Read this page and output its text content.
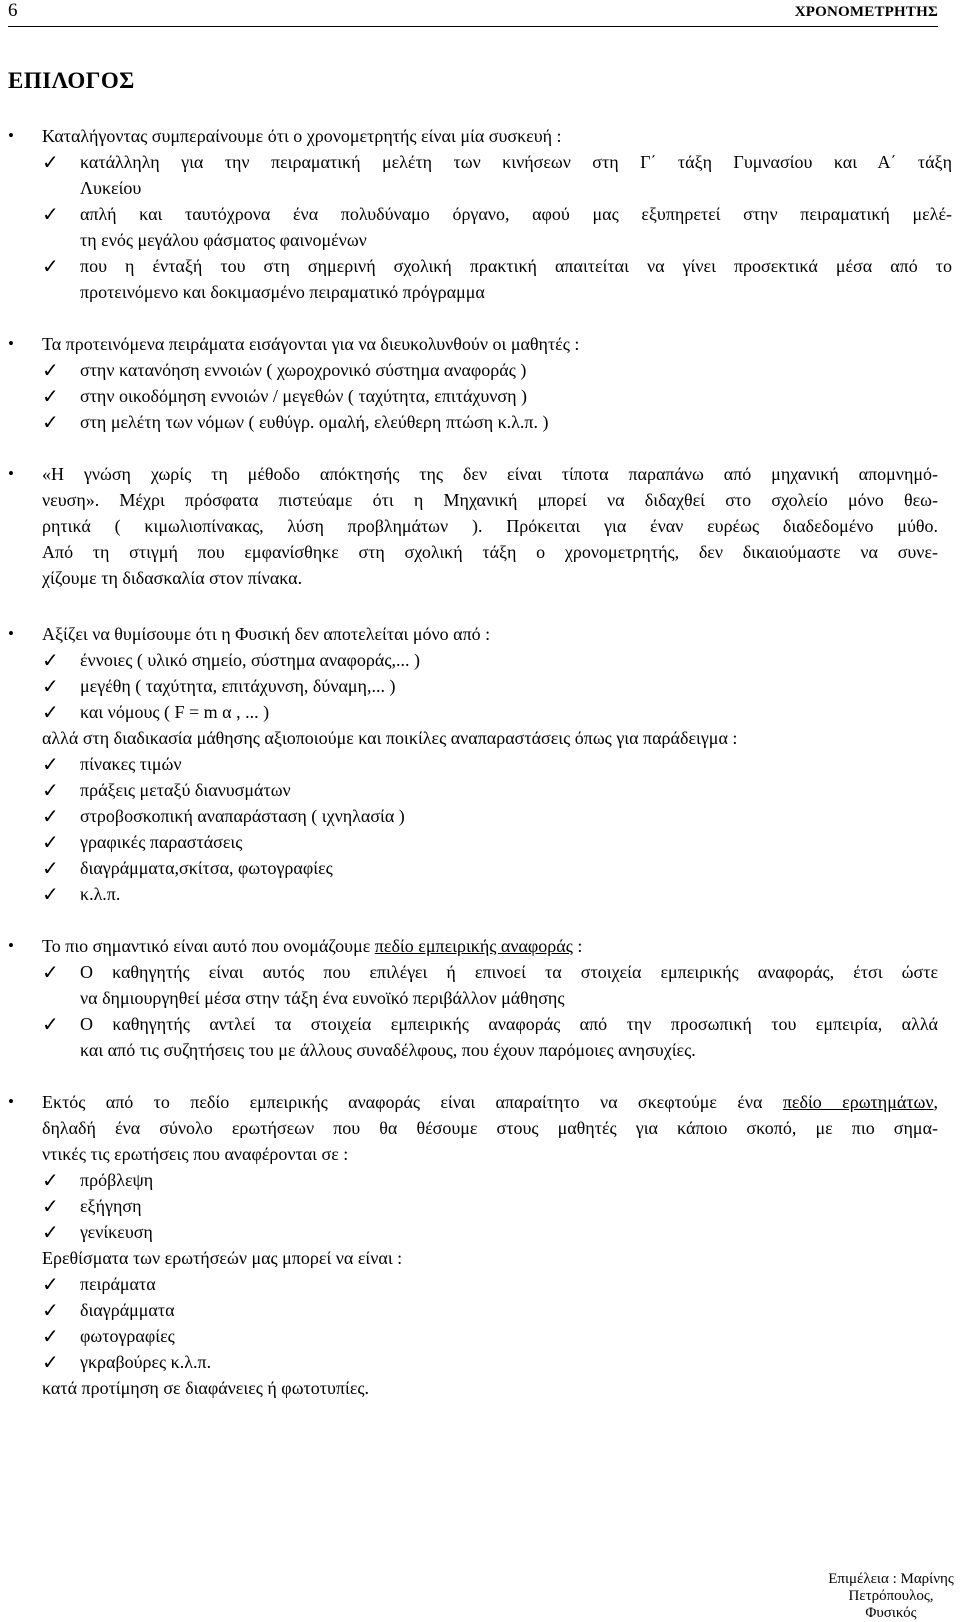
6	ΧΡΟΝΟΜΕΤΡΗΤΗΣ
ΕΠΙΛΟΓΟΣ
• Καταλήγοντας συμπεραίνουμε ότι ο χρονομετρητής είναι μία συσκευή :
✓ κατάλληλη για την πειραματική μελέτη των κινήσεων στη Γ΄ τάξη Γυμνασίου και Α΄ τάξη
Λυκείου
✓ απλή και ταυτόχρονα ένα πολυδύναμο όργανο, αφού μας εξυπηρετεί στην πειραματική μελέ-
τη ενός μεγάλου φάσματος φαινομένων
✓ που η ένταξή του στη σημερινή σχολική πρακτική απαιτείται να γίνει προσεκτικά μέσα από το
προτεινόμενο και δοκιμασμένο πειραματικό πρόγραμμα
• Τα προτεινόμενα πειράματα εισάγονται για να διευκολυνθούν οι μαθητές :
✓ στην κατανόηση εννοιών ( χωροχρονικό σύστημα αναφοράς )
✓ στην οικοδόμηση εννοιών / μεγεθών ( ταχύτητα, επιτάχυνση )
✓ στη μελέτη των νόμων ( ευθύγρ. ομαλή, ελεύθερη πτώση κ.λ.π. )
• «Η γνώση χωρίς τη μέθοδο απόκτησής της δεν είναι τίποτα παραπάνω από μηχανική απομνημό-
νευση». Μέχρι πρόσφατα πιστεύαμε ότι η Μηχανική μπορεί να διδαχθεί στο σχολείο μόνο θεω-
ρητικά ( κιμωλιοπίνακας, λύση προβλημάτων ). Πρόκειται για έναν ευρέως διαδεδομένο μύθο.
Από τη στιγμή που εμφανίσθηκε στη σχολική τάξη ο χρονομετρητής, δεν δικαιούμαστε να συνε-
χίζουμε τη διδασκαλία στον πίνακα.
• Αξίζει να θυμίσουμε ότι η Φυσική δεν αποτελείται μόνο από :
✓ έννοιες ( υλικό σημείο, σύστημα αναφοράς,... )
✓ μεγέθη ( ταχύτητα, επιτάχυνση, δύναμη,... )
✓ και νόμους ( F = m α , ... )
αλλά στη διαδικασία μάθησης αξιοποιούμε και ποικίλες αναπαραστάσεις όπως για παράδειγμα :
✓ πίνακες τιμών
✓ πράξεις μεταξύ διανυσμάτων
✓ στροβοσκοπική αναπαράσταση ( ιχνηλασία )
✓ γραφικές παραστάσεις
✓ διαγράμματα,σκίτσα, φωτογραφίες
✓ κ.λ.π.
• Το πιο σημαντικό είναι αυτό που ονομάζουμε πεδίο εμπειρικής αναφοράς :
✓ Ο καθηγητής είναι αυτός που επιλέγει ή επινοεί τα στοιχεία εμπειρικής αναφοράς, έτσι ώστε
να δημιουργηθεί μέσα στην τάξη ένα ευνοϊκό περιβάλλον μάθησης
✓ Ο καθηγητής αντλεί τα στοιχεία εμπειρικής αναφοράς από την προσωπική του εμπειρία, αλλά
και από τις συζητήσεις του με άλλους συναδέλφους, που έχουν παρόμοιες ανησυχίες.
• Εκτός από το πεδίο εμπειρικής αναφοράς είναι απαραίτητο να σκεφτούμε ένα πεδίο ερωτημάτων,
δηλαδή ένα σύνολο ερωτήσεων που θα θέσουμε στους μαθητές για κάποιο σκοπό, με πιο σημα-
ντικές τις ερωτήσεις που αναφέρονται σε :
✓ πρόβλεψη
✓ εξήγηση
✓ γενίκευση
Ερεθίσματα των ερωτήσεών μας μπορεί να είναι :
✓ πειράματα
✓ διαγράμματα
✓ φωτογραφίες
✓ γκραβούρες κ.λ.π.
κατά προτίμηση σε διαφάνειες ή φωτοτυπίες.
Επιμέλεια : Μαρίνης Πετρόπουλος, Φυσικός
